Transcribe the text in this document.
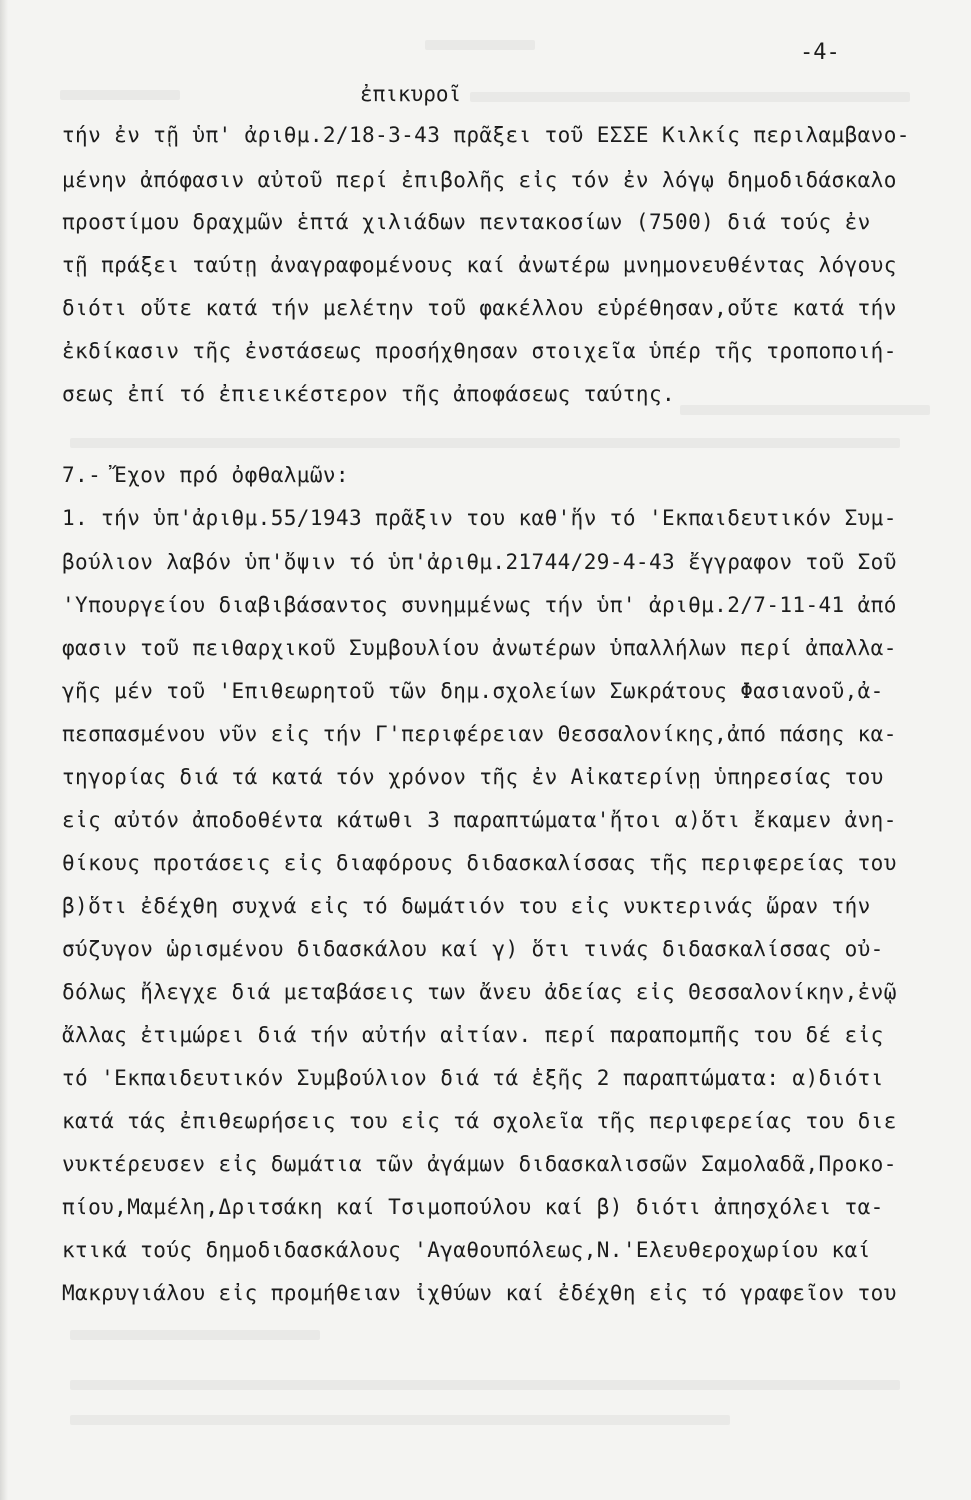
-4-
ἐπικυροῖ
τήν ἐν τῇ ὑπ' ἀριθμ.2/18-3-43 πρᾶξει τοῦ ΕΣΣΕ Κιλκίς περιλαμβανο-
μένην ἀπόφασιν αὐτοῦ περί ἐπιβολῆς εἰς τόν ἐν λόγῳ δημοδιδάσκαλο
προστίμου δραχμῶν ἑπτά χιλιάδων πεντακοσίων (7500) διά τούς ἐν
τῇ πράξει ταύτῃ ἀναγραφομένους καί ἀνωτέρω μνημονευθέντας λόγους
διότι οὔτε κατά τήν μελέτην τοῦ φακέλλου εὑρέθησαν,οὔτε κατά τήν
ἐκδίκασιν τῆς ἐνστάσεως προσήχθησαν στοιχεῖα ὑπέρ τῆς τροποποιή-
σεως ἐπί τό ἐπιεικέστερον τῆς ἀποφάσεως ταύτης.
7.- Ἔχον πρό ὀφθαλμῶν:
1. τήν ὑπ'ἀριθμ.55/1943 πρᾶξιν του καθ'ἥν τό 'Εκπαιδευτικόν Συμ-
βούλιον λαβόν ὑπ'ὄψιν τό ὑπ'ἀριθμ.21744/29-4-43 ἔγγραφον τοῦ Σοῦ
'Υπουργείου διαβιβάσαντος συνημμένως τήν ὑπ' ἀριθμ.2/7-11-41 ἀπό
φασιν τοῦ πειθαρχικοῦ Συμβουλίου ἀνωτέρων ὑπαλλήλων περί ἀπαλλα-
γῆς μέν τοῦ 'Επιθεωρητοῦ τῶν δημ.σχολείων Σωκράτους Φασιανοῦ,ἀ-
πεσπασμένου νῦν εἰς τήν Γ'περιφέρειαν Θεσσαλονίκης,ἀπό πάσης κα-
τηγορίας διά τά κατά τόν χρόνον τῆς ἐν Αἰκατερίνῃ ὑπηρεσίας του
εἰς αὐτόν ἀποδοθέντα κάτωθι 3 παραπτώματα'ἤτοι α)ὅτι ἔκαμεν ἀνη-
θίκους προτάσεις εἰς διαφόρους διδασκαλίσσας τῆς περιφερείας του
β)ὅτι ἐδέχθη συχνά εἰς τό δωμάτιόν του εἰς νυκτερινάς ὥραν τήν
σύζυγον ὡρισμένου διδασκάλου καί γ) ὅτι τινάς διδασκαλίσσας οὐ-
δόλως ἤλεγχε διά μεταβάσεις των ἄνευ ἀδείας εἰς Θεσσαλονίκην,ἐνῷ
ἄλλας ἐτιμώρει διά τήν αὐτήν αἰτίαν. περί παραπομπῆς του δέ εἰς
τό 'Εκπαιδευτικόν Συμβούλιον διά τά ἑξῆς 2 παραπτώματα: α)διότι
κατά τάς ἐπιθεωρήσεις του εἰς τά σχολεῖα τῆς περιφερείας του διε
νυκτέρευσεν εἰς δωμάτια τῶν ἀγάμων διδασκαλισσῶν Σαμολαδᾶ,Προκο-
πίου,Μαμέλη,Δριτσάκη καί Τσιμοπούλου καί β) διότι ἀπησχόλει τα-
κτικά τούς δημοδιδασκάλους 'Αγαθουπόλεως,Ν.'Ελευθεροχωρίου καί
Μακρυγιάλου εἰς προμήθειαν ἰχθύων καί ἐδέχθη εἰς τό γραφεῖον του
